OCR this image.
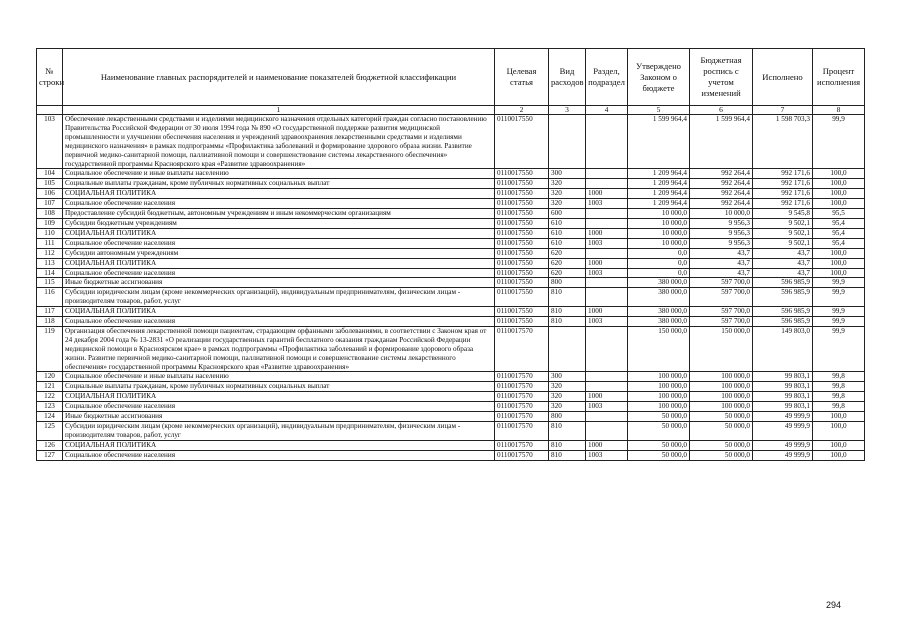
№ строки	Наименование главных распорядителей и наименование показателей бюджетной классификации	Целевая статья	Вид расходов	Раздел, подраздел	Утверждено Законом о бюджете	Бюджетная роспись с учетом изменений	Исполнено	Процент исполнения
	1	2	3	4	5	6	7	8
103	Обеспечение лекарственными средствами и изделиями медицинского назначения отдельных категорий граждан согласно постановлению Правительства Российской Федерации от 30 июля 1994 года № 890 «О государственной поддержке развития медицинской промышленности и улучшении обеспечения населения и учреждений здравоохранения лекарственными средствами и изделиями медицинского назначения» в рамках подпрограммы «Профилактика заболеваний и формирование здорового образа жизни. Развитие первичной медико-санитарной помощи, паллиативной помощи и совершенствование системы лекарственного обеспечения» государственной программы Красноярского края «Развитие здравоохранения»	0110017550			1 599 964,4	1 599 964,4	1 598 703,3	99,9
104	Социальное обеспечение и иные выплаты населению	0110017550	300		1 209 964,4	992 264,4	992 171,6	100,0
105	Социальные выплаты гражданам, кроме публичных нормативных социальных выплат	0110017550	320		1 209 964,4	992 264,4	992 171,6	100,0
106	СОЦИАЛЬНАЯ ПОЛИТИКА	0110017550	320	1000	1 209 964,4	992 264,4	992 171,6	100,0
107	Социальное обеспечение населения	0110017550	320	1003	1 209 964,4	992 264,4	992 171,6	100,0
108	Предоставление субсидий бюджетным, автономным учреждениям и иным некоммерческим организациям	0110017550	600		10 000,0	10 000,0	9 545,8	95,5
109	Субсидии бюджетным учреждениям	0110017550	610		10 000,0	9 956,3	9 502,1	95,4
110	СОЦИАЛЬНАЯ ПОЛИТИКА	0110017550	610	1000	10 000,0	9 956,3	9 502,1	95,4
111	Социальное обеспечение населения	0110017550	610	1003	10 000,0	9 956,3	9 502,1	95,4
112	Субсидии автономным учреждениям	0110017550	620		0,0	43,7	43,7	100,0
113	СОЦИАЛЬНАЯ ПОЛИТИКА	0110017550	620	1000	0,0	43,7	43,7	100,0
114	Социальное обеспечение населения	0110017550	620	1003	0,0	43,7	43,7	100,0
115	Иные бюджетные ассигнования	0110017550	800		380 000,0	597 700,0	596 985,9	99,9
116	Субсидии юридическим лицам (кроме некоммерческих организаций), индивидуальным предпринимателям, физическим лицам - производителям товаров, работ, услуг	0110017550	810		380 000,0	597 700,0	596 985,9	99,9
117	СОЦИАЛЬНАЯ ПОЛИТИКА	0110017550	810	1000	380 000,0	597 700,0	596 985,9	99,9
118	Социальное обеспечение населения	0110017550	810	1003	380 000,0	597 700,0	596 985,9	99,9
119	Организация обеспечения лекарственной помощи пациентам, страдающим орфанными заболеваниями, в соответствии с Законом края от 24 декабря 2004 года № 13-2831 «О реализации государственных гарантий бесплатного оказания гражданам Российской Федерации медицинской помощи в Красноярском крае» в рамках подпрограммы «Профилактика заболеваний и формирование здорового образа жизни. Развитие первичной медико-санитарной помощи, паллиативной помощи и совершенствование системы лекарственного обеспечения» государственной программы Красноярского края «Развитие здравоохранения»	0110017570			150 000,0	150 000,0	149 803,0	99,9
120	Социальное обеспечение и иные выплаты населению	0110017570	300		100 000,0	100 000,0	99 803,1	99,8
121	Социальные выплаты гражданам, кроме публичных нормативных социальных выплат	0110017570	320		100 000,0	100 000,0	99 803,1	99,8
122	СОЦИАЛЬНАЯ ПОЛИТИКА	0110017570	320	1000	100 000,0	100 000,0	99 803,1	99,8
123	Социальное обеспечение населения	0110017570	320	1003	100 000,0	100 000,0	99 803,1	99,8
124	Иные бюджетные ассигнования	0110017570	800		50 000,0	50 000,0	49 999,9	100,0
125	Субсидии юридическим лицам (кроме некоммерческих организаций), индивидуальным предпринимателям, физическим лицам - производителям товаров, работ, услуг	0110017570	810		50 000,0	50 000,0	49 999,9	100,0
126	СОЦИАЛЬНАЯ ПОЛИТИКА	0110017570	810	1000	50 000,0	50 000,0	49 999,9	100,0
127	Социальное обеспечение населения	0110017570	810	1003	50 000,0	50 000,0	49 999,9	100,0
294
